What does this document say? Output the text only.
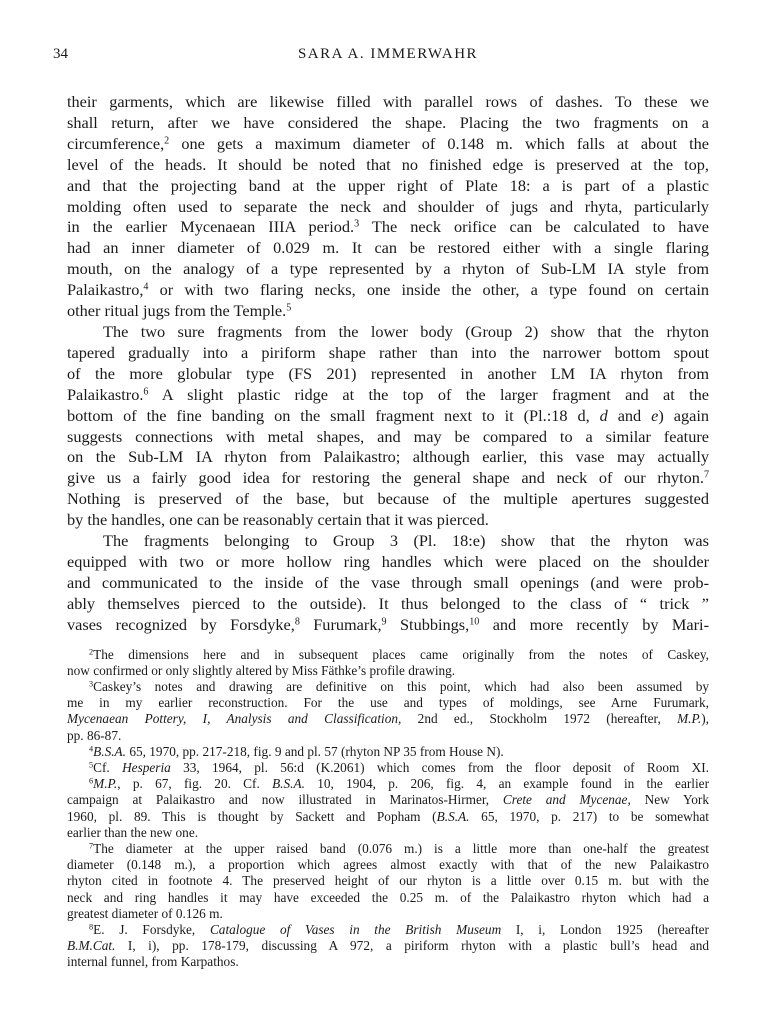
34	SARA A. IMMERWAHR

their garments, which are likewise filled with parallel rows of dashes. To these we

shall return, after we have considered the shape. Placing the two fragments on a

circumference,$^2$ one gets a maximum diameter of 0.148 m. which falls at about the

level of the heads. It should be noted that no finished edge is preserved at the top,

and that the projecting band at the upper right of Plate 18: a is part of a plastic

molding often used to separate the neck and shoulder of jugs and rhyta, particularly

in the earlier Mycenaean IIIA period.$^3$ The neck orifice can be calculated to have

had an inner diameter of 0.029 m. It can be restored either with a single flaring

mouth, on the analogy of a type represented by a rhyton of Sub-LM IA style from

Palaikastro,$^4$ or with two flaring necks, one inside the other, a type found on certain

other ritual jugs from the Temple.$^5$

The two sure fragments from the lower body (Group 2) show that the rhyton

tapered gradually into a piriform shape rather than into the narrower bottom spout

of the more globular type (FS 201) represented in another LM IA rhyton from

Palaikastro.$^6$ A slight plastic ridge at the top of the larger fragment and at the

bottom of the fine banding on the small fragment next to it (Pl.:18 d, d and e) again

suggests connections with metal shapes, and may be compared to a similar feature

on the Sub-LM IA rhyton from Palaikastro; although earlier, this vase may actually

give us a fairly good idea for restoring the general shape and neck of our rhyton.$^7$

Nothing is preserved of the base, but because of the multiple apertures suggested

by the handles, one can be reasonably certain that it was pierced.

The fragments belonging to Group 3 (Pl. 18:e) show that the rhyton was

equipped with two or more hollow ring handles which were placed on the shoulder

and communicated to the inside of the vase through small openings (and were prob-

ably themselves pierced to the outside). It thus belonged to the class of “ trick ”

vases recognized by Forsdyke,$^8$ Furumark,$^9$ Stubbings,$^{10}$ and more recently by Mari-

$^2$The dimensions here and in subsequent places came originally from the notes of Caskey,

now confirmed or only slightly altered by Miss Fäthke’s profile drawing.

$^3$Caskey’s notes and drawing are definitive on this point, which had also been assumed by

me in my earlier reconstruction. For the use and types of moldings, see Arne Furumark,

Mycenaean Pottery, I, Analysis and Classification, 2nd ed., Stockholm 1972 (hereafter, M.P.),

pp. 86-87.

$^4$B.S.A. 65, 1970, pp. 217-218, fig. 9 and pl. 57 (rhyton NP 35 from House N).

$^5$Cf. Hesperia 33, 1964, pl. 56:d (K.2061) which comes from the floor deposit of Room XI.

$^6$M.P., p. 67, fig. 20. Cf. B.S.A. 10, 1904, p. 206, fig. 4, an example found in the earlier

campaign at Palaikastro and now illustrated in Marinatos-Hirmer, Crete and Mycenae, New York

1960, pl. 89. This is thought by Sackett and Popham (B.S.A. 65, 1970, p. 217) to be somewhat

earlier than the new one.

$^7$The diameter at the upper raised band (0.076 m.) is a little more than one-half the greatest

diameter (0.148 m.), a proportion which agrees almost exactly with that of the new Palaikastro

rhyton cited in footnote 4. The preserved height of our rhyton is a little over 0.15 m. but with the

neck and ring handles it may have exceeded the 0.25 m. of the Palaikastro rhyton which had a

greatest diameter of 0.126 m.

$^8$E. J. Forsdyke, Catalogue of Vases in the British Museum I, i, London 1925 (hereafter

B.M.Cat. I, i), pp. 178-179, discussing A 972, a piriform rhyton with a plastic bull’s head and

internal funnel, from Karpathos.
